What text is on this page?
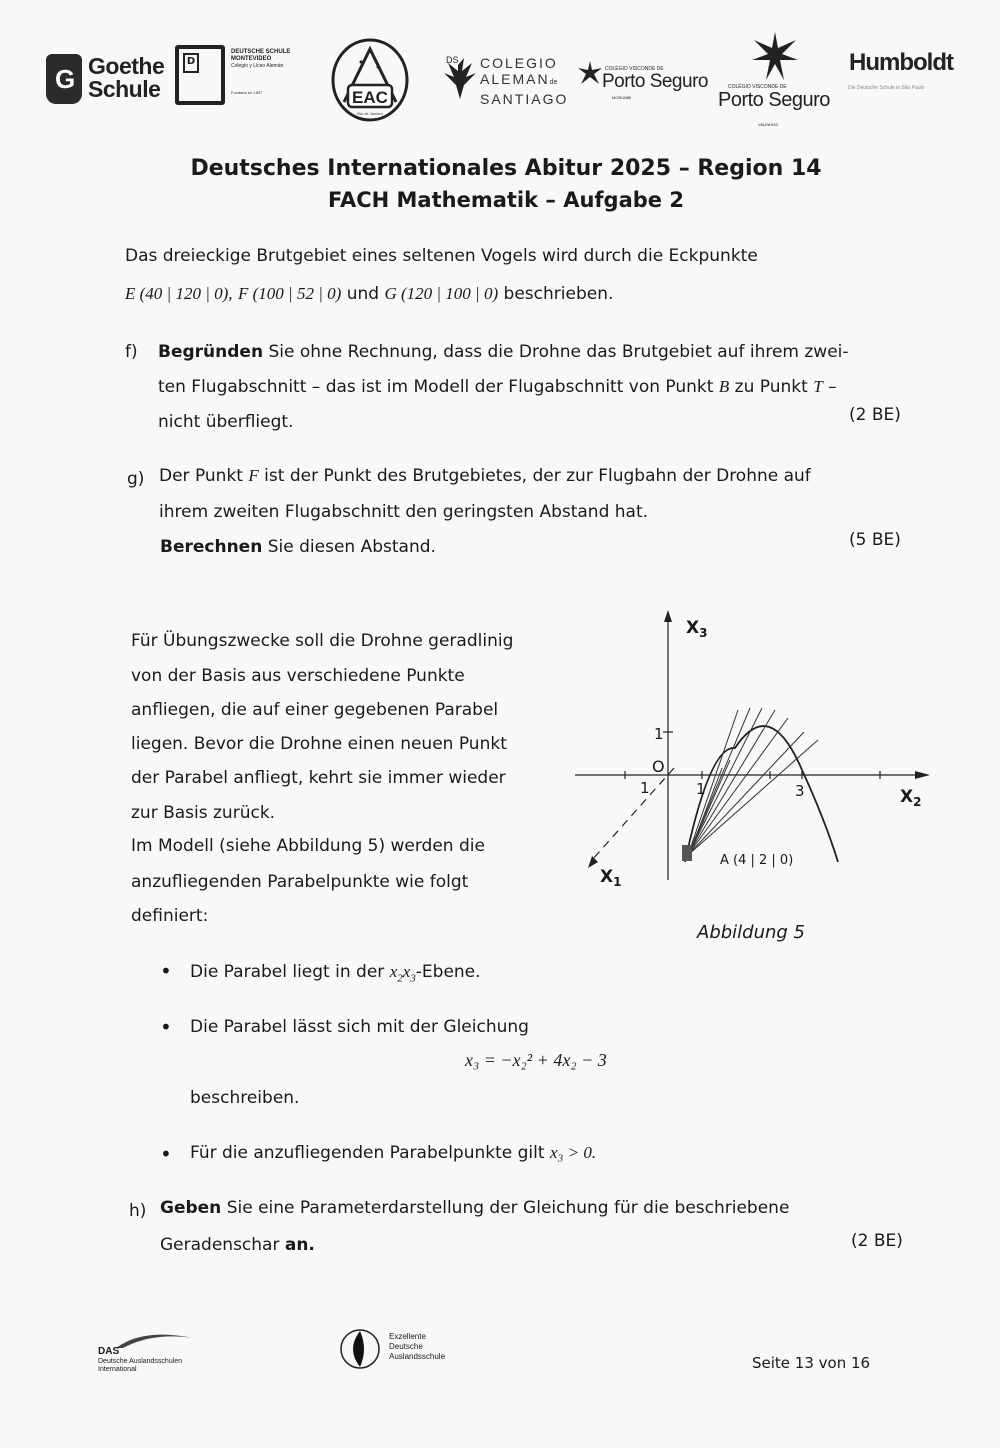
G Goethe
Schule
D
DEUTSCHE SCHULE
MONTEVIDEO
Colegio y Liceo Alemán
Fundado en 1857	EAC
Rio de Janeiro
DS COLEGIO
ALEMANde
SANTIAGO
COLÉGIO VISCONDE DE
Porto Seguro
MORUMBI
COLÉGIO VISCONDE DE
Porto Seguro
VALINHOS
Humboldt
Die Deutsche Schule in São Paulo
Deutsches Internationales Abitur 2025 – Region 14
FACH Mathematik – Aufgabe 2
Das dreieckige Brutgebiet eines seltenen Vogels wird durch die Eckpunkte
E (40 | 120 | 0), F (100 | 52 | 0) und G (120 | 100 | 0) beschrieben.
f) Begründen Sie ohne Rechnung, dass die Drohne das Brutgebiet auf ihrem zwei-
ten Flugabschnitt – das ist im Modell der Flugabschnitt von Punkt B zu Punkt T –
nicht überfliegt.	(2 BE)
g) Der Punkt F ist der Punkt des Brutgebietes, der zur Flugbahn der Drohne auf
ihrem zweiten Flugabschnitt den geringsten Abstand hat.
Berechnen Sie diesen Abstand.	(5 BE)
Für Übungszwecke soll die Drohne geradlinig
von der Basis aus verschiedene Punkte
anfliegen, die auf einer gegebenen Parabel
liegen. Bevor die Drohne einen neuen Punkt
der Parabel anfliegt, kehrt sie immer wieder
zur Basis zurück.
Im Modell (siehe Abbildung 5) werden die
anzufliegenden Parabelpunkte wie folgt
definiert:
$X_3$
$X_2$
$X_1$
O
1
1	1	3
A (4 | 2 | 0)
Abbildung 5
• Die Parabel liegt in der $x_2x_3$-Ebene.
• Die Parabel lässt sich mit der Gleichung
x₃ = −x₂² + 4x₂ − 3
beschreiben.
• Für die anzufliegenden Parabelpunkte gilt x₃ > 0.
h) Geben Sie eine Parameterdarstellung der Gleichung für die beschriebene
Geradenschar an.	(2 BE)
DAS
Deutsche Auslandsschulen
International
Exzellente
Deutsche
Auslandsschule	Seite 13 von 16
